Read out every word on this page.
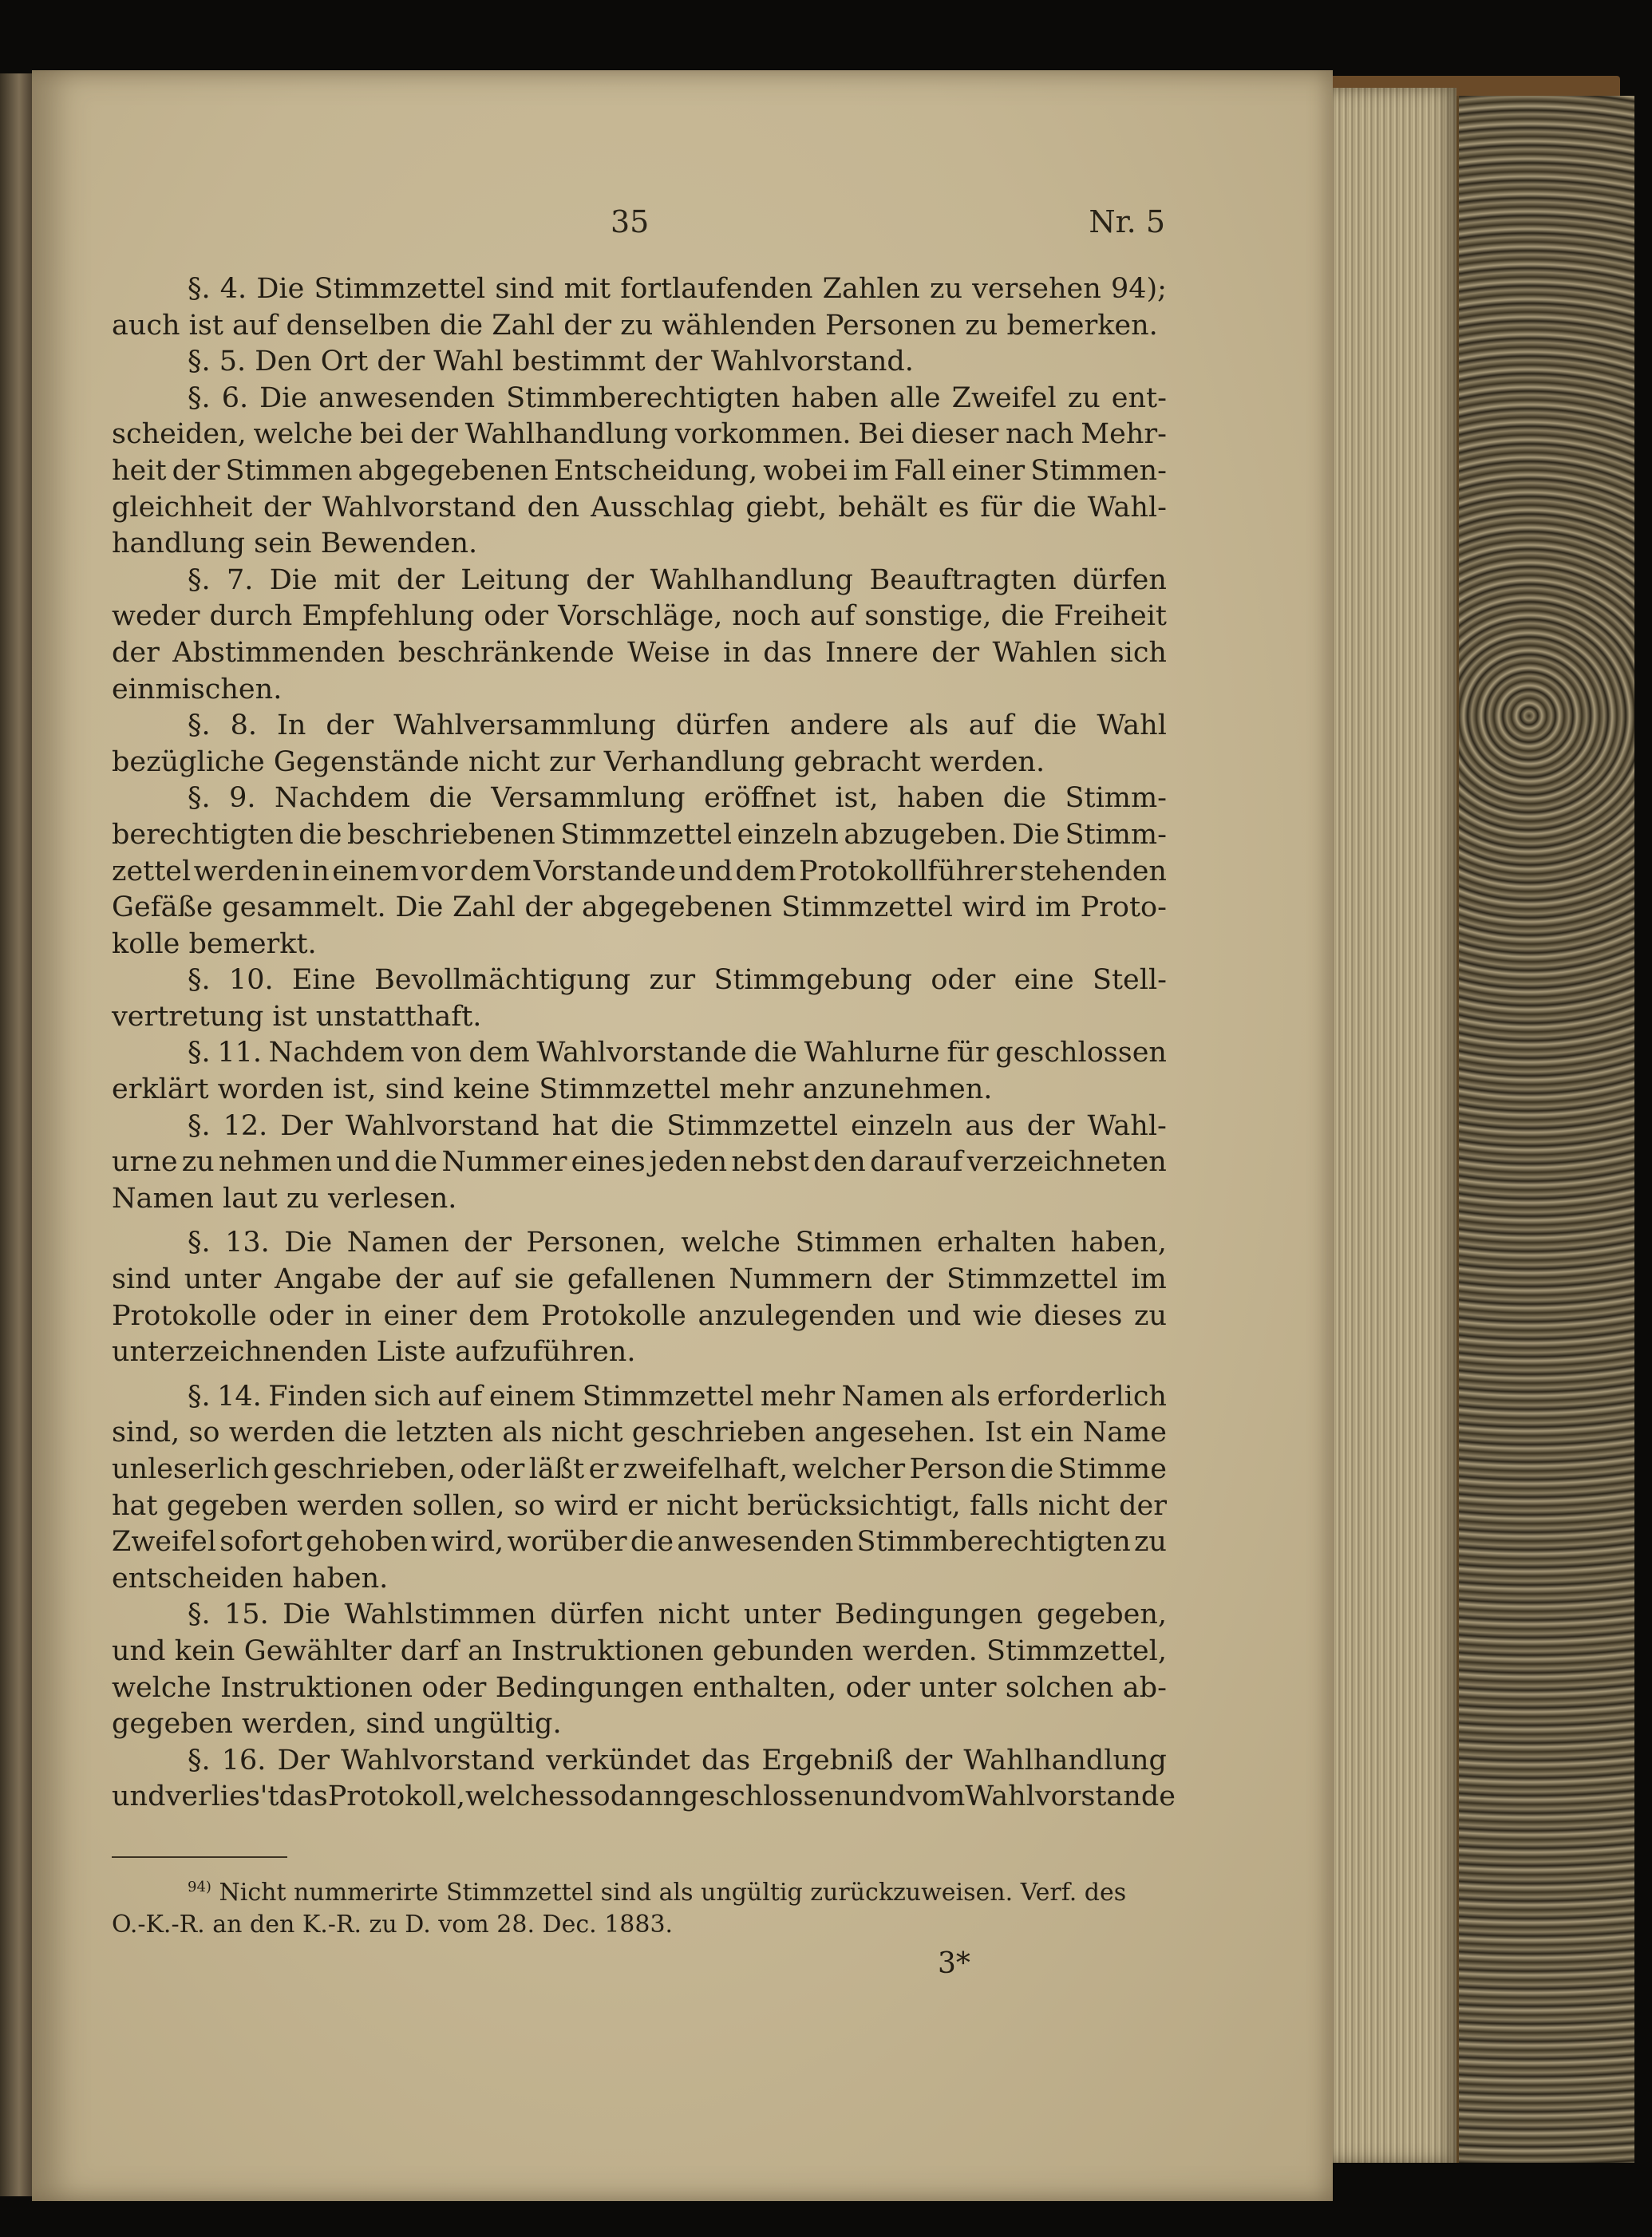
35	Nr. 5
§. 4. Die Stimmzettel sind mit fortlaufenden Zahlen zu versehen 94);
auch ist auf denselben die Zahl der zu wählenden Personen zu bemerken.
§. 5. Den Ort der Wahl bestimmt der Wahlvorstand.
§. 6. Die anwesenden Stimmberechtigten haben alle Zweifel zu ent-
scheiden, welche bei der Wahlhandlung vorkommen. Bei dieser nach Mehr-
heit der Stimmen abgegebenen Entscheidung, wobei im Fall einer Stimmen-
gleichheit der Wahlvorstand den Ausschlag giebt, behält es für die Wahl-
handlung sein Bewenden.
§. 7. Die mit der Leitung der Wahlhandlung Beauftragten dürfen
weder durch Empfehlung oder Vorschläge, noch auf sonstige, die Freiheit
der Abstimmenden beschränkende Weise in das Innere der Wahlen sich
einmischen.
§. 8. In der Wahlversammlung dürfen andere als auf die Wahl
bezügliche Gegenstände nicht zur Verhandlung gebracht werden.
§. 9. Nachdem die Versammlung eröffnet ist, haben die Stimm-
berechtigten die beschriebenen Stimmzettel einzeln abzugeben. Die Stimm-
zettel werden in einem vor dem Vorstande und dem Protokollführer stehenden
Gefäße gesammelt. Die Zahl der abgegebenen Stimmzettel wird im Proto-
kolle bemerkt.
§. 10. Eine Bevollmächtigung zur Stimmgebung oder eine Stell-
vertretung ist unstatthaft.
§. 11. Nachdem von dem Wahlvorstande die Wahlurne für geschlossen
erklärt worden ist, sind keine Stimmzettel mehr anzunehmen.
§. 12. Der Wahlvorstand hat die Stimmzettel einzeln aus der Wahl-
urne zu nehmen und die Nummer eines jeden nebst den darauf verzeichneten
Namen laut zu verlesen.
§. 13. Die Namen der Personen, welche Stimmen erhalten haben,
sind unter Angabe der auf sie gefallenen Nummern der Stimmzettel im
Protokolle oder in einer dem Protokolle anzulegenden und wie dieses zu
unterzeichnenden Liste aufzuführen.
§. 14. Finden sich auf einem Stimmzettel mehr Namen als erforderlich
sind, so werden die letzten als nicht geschrieben angesehen. Ist ein Name
unleserlich geschrieben, oder läßt er zweifelhaft, welcher Person die Stimme
hat gegeben werden sollen, so wird er nicht berücksichtigt, falls nicht der
Zweifel sofort gehoben wird, worüber die anwesenden Stimmberechtigten zu
entscheiden haben.
§. 15. Die Wahlstimmen dürfen nicht unter Bedingungen gegeben,
und kein Gewählter darf an Instruktionen gebunden werden. Stimmzettel,
welche Instruktionen oder Bedingungen enthalten, oder unter solchen ab-
gegeben werden, sind ungültig.
§. 16. Der Wahlvorstand verkündet das Ergebniß der Wahlhandlung
und verlies't das Protokoll, welches sodann geschlossen und vom Wahlvorstande
$^{94)}$ Nicht nummerirte Stimmzettel sind als ungültig zurückzuweisen. Verf. des
O.-K.-R. an den K.-R. zu D. vom 28. Dec. 1883.
3*
